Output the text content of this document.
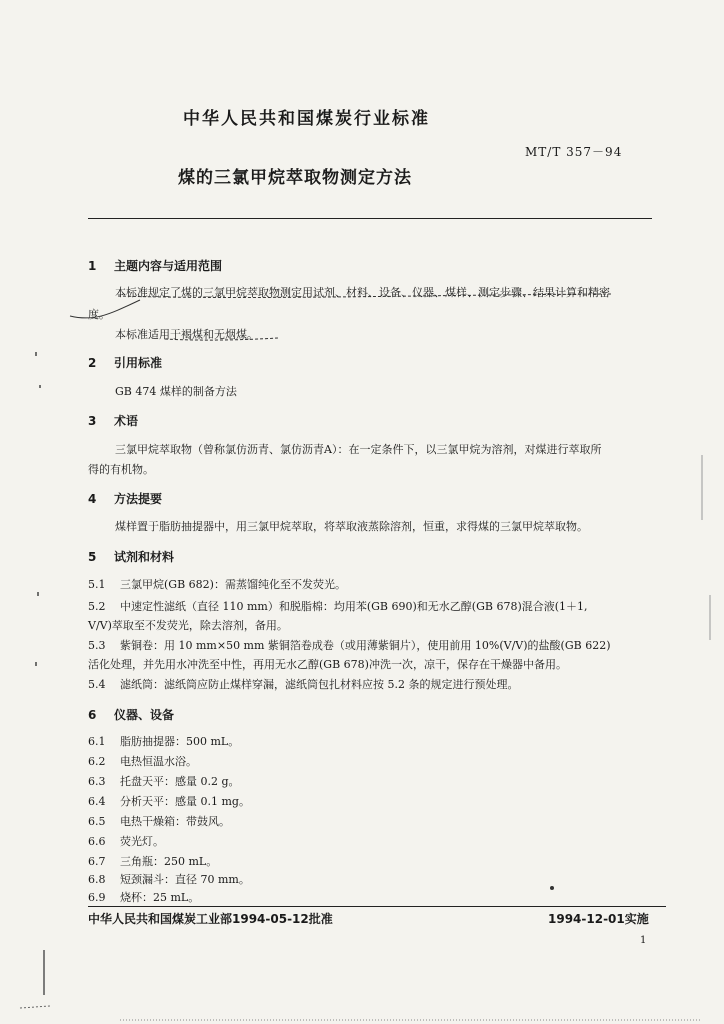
中华人民共和国煤炭行业标准
MT/T 357－94
煤的三氯甲烷萃取物测定方法
1 主题内容与适用范围
本标准规定了煤的三氯甲烷萃取物测定用试剂、材料、设备、仪器、煤样、测定步骤、结果计算和精密
度。
本标准适用于褐煤和无烟煤。
2 引用标准
GB 474 煤样的制备方法
3 术语
三氯甲烷萃取物（曾称氯仿沥青、氯仿沥青A）：在一定条件下，以三氯甲烷为溶剂，对煤进行萃取所
得的有机物。
4 方法提要
煤样置于脂肪抽提器中，用三氯甲烷萃取，将萃取液蒸除溶剂，恒重，求得煤的三氯甲烷萃取物。
5 试剂和材料
5.1 三氯甲烷(GB 682)：需蒸馏纯化至不发荧光。
5.2 中速定性滤纸（直径 110 mm）和脱脂棉：均用苯(GB 690)和无水乙醇(GB 678)混合液(1＋1,
V/V)萃取至不发荧光，除去溶剂，备用。
5.3 紫铜卷：用 10 mm×50 mm 紫铜箔卷成卷（或用薄紫铜片），使用前用 10%(V/V)的盐酸(GB 622)
活化处理，并先用水冲洗至中性，再用无水乙醇(GB 678)冲洗一次，凉干，保存在干燥器中备用。
5.4 滤纸筒：滤纸筒应防止煤样穿漏，滤纸筒包扎材料应按 5.2 条的规定进行预处理。
6 仪器、设备
6.1 脂肪抽提器：500 mL。
6.2 电热恒温水浴。
6.3 托盘天平：感量 0.2 g。
6.4 分析天平：感量 0.1 mg。
6.5 电热干燥箱：带鼓风。
6.6 荧光灯。
6.7 三角瓶：250 mL。
6.8 短颈漏斗：直径 70 mm。
6.9 烧杯：25 mL。
中华人民共和国煤炭工业部1994-05-12批准	1994-12-01实施
1
